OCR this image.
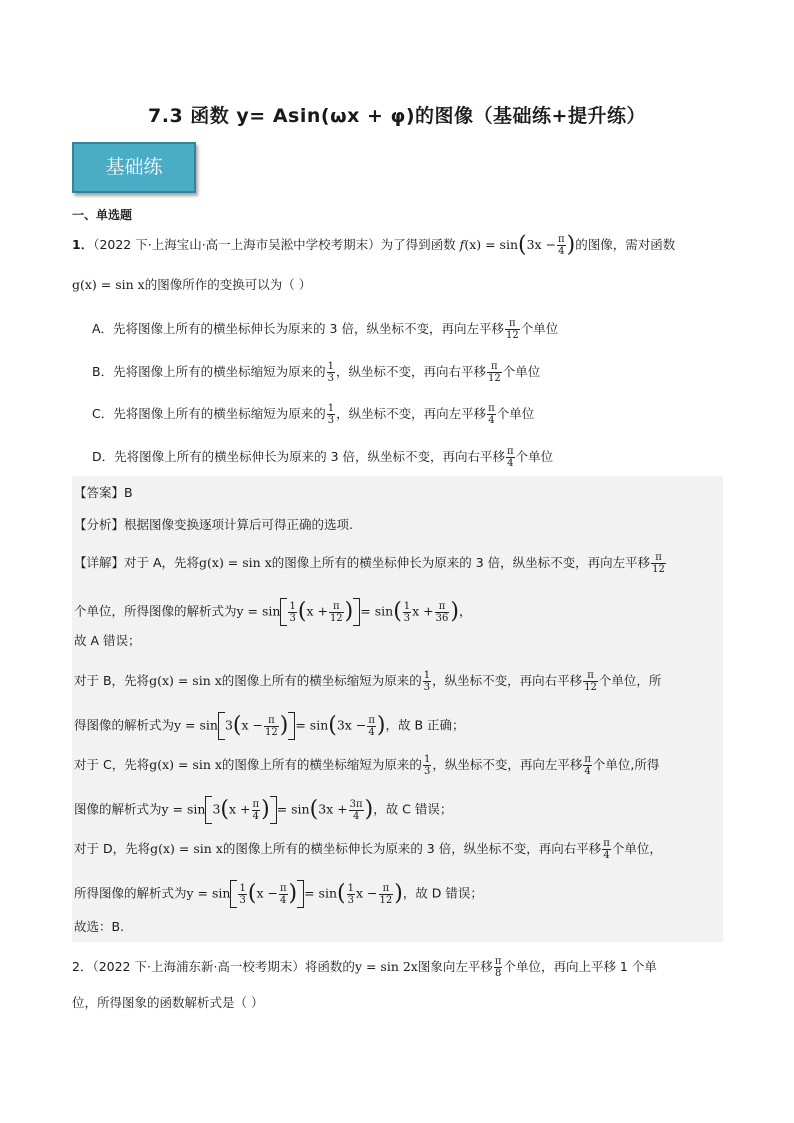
7.3 函数 y= Asin(ωx + φ)的图像（基础练+提升练）
基础练
一、单选题
1．（2022 下·上海宝山·高一上海市吴淞中学校考期末）为了得到函数 $f(x) = \sin(3x - \frac{\pi}{4}$ )的图像，需对函数
g(x) = sin x的图像所作的变换可以为（ ）
A．先将图像上所有的横坐标伸长为原来的 3 倍，纵坐标不变，再向左平移 $\frac{\pi}{12}$ 个单位
B．先将图像上所有的横坐标缩短为原来的 $\frac{1}{3}$ ，纵坐标不变，再向右平移 $\frac{\pi}{12}$ 个单位
C．先将图像上所有的横坐标缩短为原来的 $\frac{1}{3}$ ，纵坐标不变，再向左平移 $\frac{\pi}{4}$ 个单位
D．先将图像上所有的横坐标伸长为原来的 3 倍，纵坐标不变，再向右平移 $\frac{\pi}{4}$ 个单位
【答案】B
【分析】根据图像变换逐项计算后可得正确的选项.
【详解】对于 A，先将g(x) = sin x的图像上所有的横坐标伸长为原来的 3 倍，纵坐标不变，再向左平移 $\frac{\pi}{12}$
个单位，所得图像的解析式为$y = \sin \frac{1}{3} (x + \frac{\pi}{12}$ ) = $\sin( \frac{1}{3}$ $x + \frac{\pi}{36}$ )，
故 A 错误；
对于 B，先将g(x) = sin x的图像上所有的横坐标缩短为原来的 $\frac{1}{3}$ ，纵坐标不变，再向右平移 $\frac{\pi}{12}$ 个单位，所
得图像的解析式为$y = \sin 3(x - \frac{\pi}{12}$ ) = $\sin(3x - \frac{\pi}{4}$ )，故 B 正确；
对于 C，先将g(x) = sin x的图像上所有的横坐标缩短为原来的 $\frac{1}{3}$ ，纵坐标不变，再向左平移 $\frac{\pi}{4}$ 个单位,所得
图像的解析式为$y = \sin 3(x + \frac{\pi}{4}$ ) = $\sin(3x + \frac{3\pi}{4}$ )，故 C 错误；
对于 D，先将g(x) = sin x的图像上所有的横坐标伸长为原来的 3 倍，纵坐标不变，再向右平移 $\frac{\pi}{4}$ 个单位，
所得图像的解析式为$y = \sin \frac{1}{3} (x - \frac{\pi}{4}$ ) = $\sin( \frac{1}{3}$ $x - \frac{\pi}{12}$ )，故 D 错误；
故选：B.
2．（2022 下·上海浦东新·高一校考期末）将函数的y = sin 2x图象向左平移 $\frac{\pi}{8}$ 个单位，再向上平移 1 个单
位，所得图象的函数解析式是（ ）
